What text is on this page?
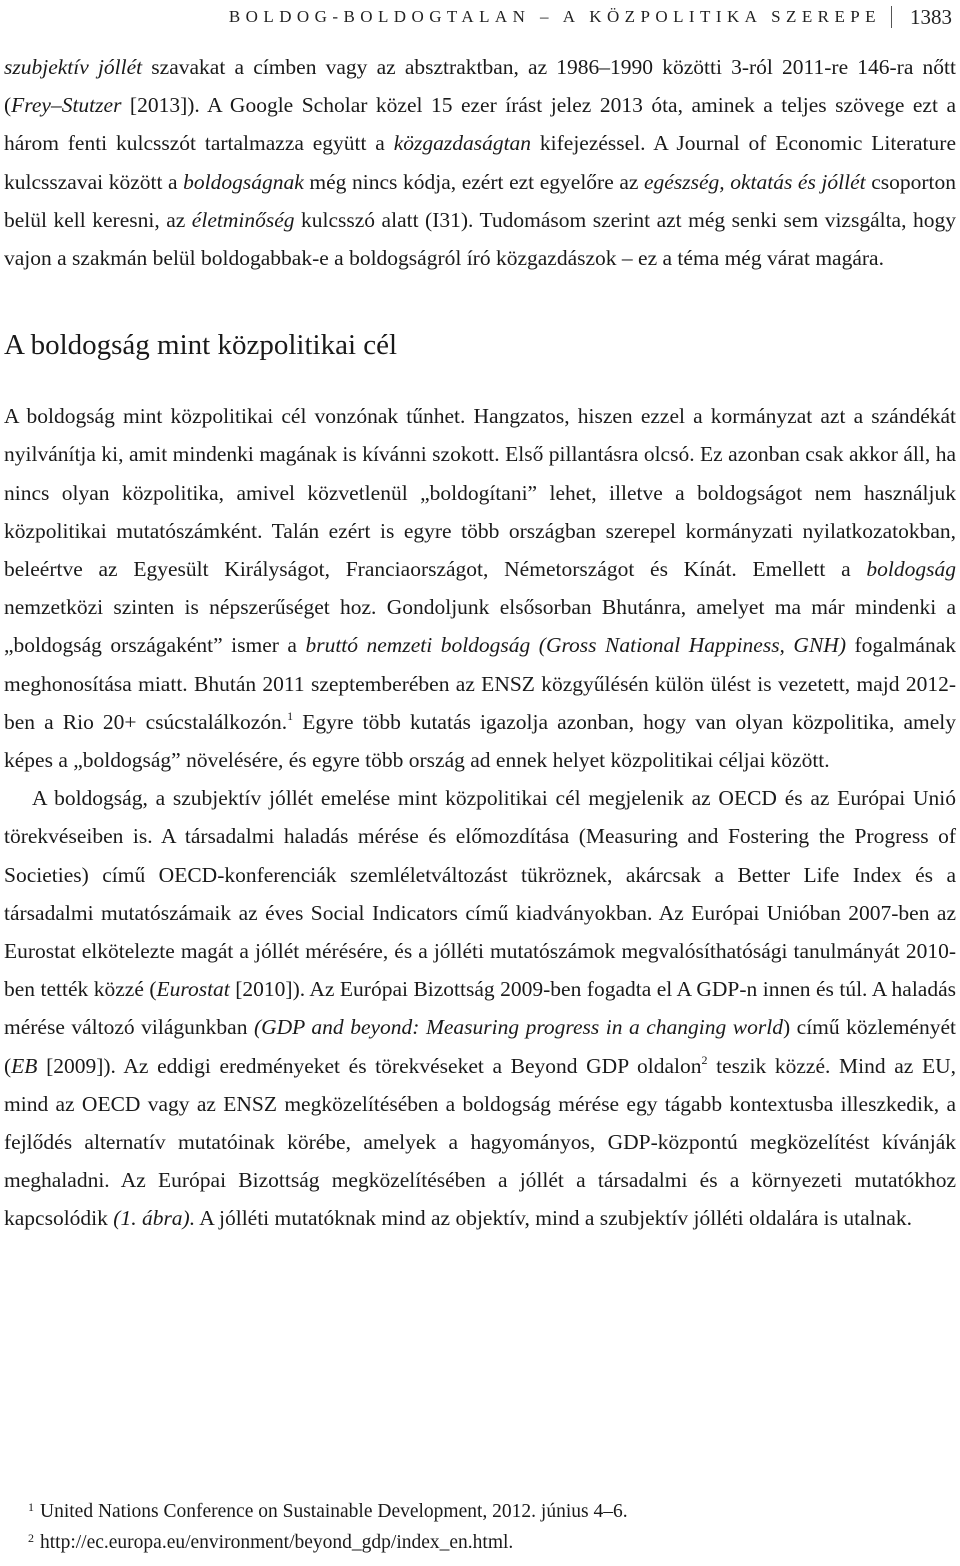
BOLDOG-BOLDOGTALAN – A KÖZPOLITIKA SZEREPE 1383

szubjektív jóllét szavakat a címben vagy az absztraktban, az 1986–1990 közötti 3-ról 2011-re 146-ra nőtt (Frey–Stutzer [2013]). A Google Scholar közel 15 ezer írást jelez 2013 óta, aminek a teljes szövege ezt a három fenti kulcsszót tartalmazza együtt a közgazdaságtan kifejezéssel. A Journal of Economic Literature kulcsszavai között a boldogságnak még nincs kódja, ezért ezt egyelőre az egészség, oktatás és jóllét csoporton belül kell keresni, az életminőség kulcsszó alatt (I31). Tudomásom szerint azt még senki sem vizsgálta, hogy vajon a szakmán belül boldogabbak-e a boldogságról író közgazdászok – ez a téma még várat magára.

A boldogság mint közpolitikai cél

A boldogság mint közpolitikai cél vonzónak tűnhet. Hangzatos, hiszen ezzel a kormányzat azt a szándékát nyilvánítja ki, amit mindenki magának is kívánni szokott. Első pillantásra olcsó. Ez azonban csak akkor áll, ha nincs olyan közpolitika, amivel közvetlenül „boldogítani” lehet, illetve a boldogságot nem használjuk közpolitikai mutatószámként. Talán ezért is egyre több országban szerepel kormányzati nyilatkozatokban, beleértve az Egyesült Királyságot, Franciaországot, Németországot és Kínát. Emellett a boldogság nemzetközi szinten is népszerűséget hoz. Gondoljunk elsősorban Bhutánra, amelyet ma már mindenki a „boldogság országaként” ismer a bruttó nemzeti boldogság (Gross National Happiness, GNH) fogalmának meghonosítása miatt. Bhután 2011 szeptemberében az ENSZ közgyűlésén külön ülést is vezetett, majd 2012-ben a Rio 20+ csúcstalálkozón.$^1$ Egyre több kutatás igazolja azonban, hogy van olyan közpolitika, amely képes a „boldogság” növelésére, és egyre több ország ad ennek helyet közpolitikai céljai között.

A boldogság, a szubjektív jóllét emelése mint közpolitikai cél megjelenik az OECD és az Európai Unió törekvéseiben is. A társadalmi haladás mérése és előmozdítása (Measuring and Fostering the Progress of Societies) című OECD-konferenciák szemléletváltozást tükröznek, akárcsak a Better Life Index és a társadalmi mutatószámaik az éves Social Indicators című kiadványokban. Az Európai Unióban 2007-ben az Eurostat elkötelezte magát a jóllét mérésére, és a jólléti mutatószámok megvalósíthatósági tanulmányát 2010-ben tették közzé (Eurostat [2010]). Az Európai Bizottság 2009-ben fogadta el A GDP-n innen és túl. A haladás mérése változó világunkban (GDP and beyond: Measuring progress in a changing world) című közleményét (EB [2009]). Az eddigi eredményeket és törekvéseket a Beyond GDP oldalon$^2$ teszik közzé. Mind az EU, mind az OECD vagy az ENSZ megközelítésében a boldogság mérése egy tágabb kontextusba illeszkedik, a fejlődés alternatív mutatóinak körébe, amelyek a hagyományos, GDP-központú megközelítést kívánják meghaladni. Az Európai Bizottság megközelítésében a jóllét a társadalmi és a környezeti mutatókhoz kapcsolódik (1. ábra). A jólléti mutatóknak mind az objektív, mind a szubjektív jólléti oldalára is utalnak.

1 United Nations Conference on Sustainable Development, 2012. június 4–6.
2 http://ec.europa.eu/environment/beyond_gdp/index_en.html.
